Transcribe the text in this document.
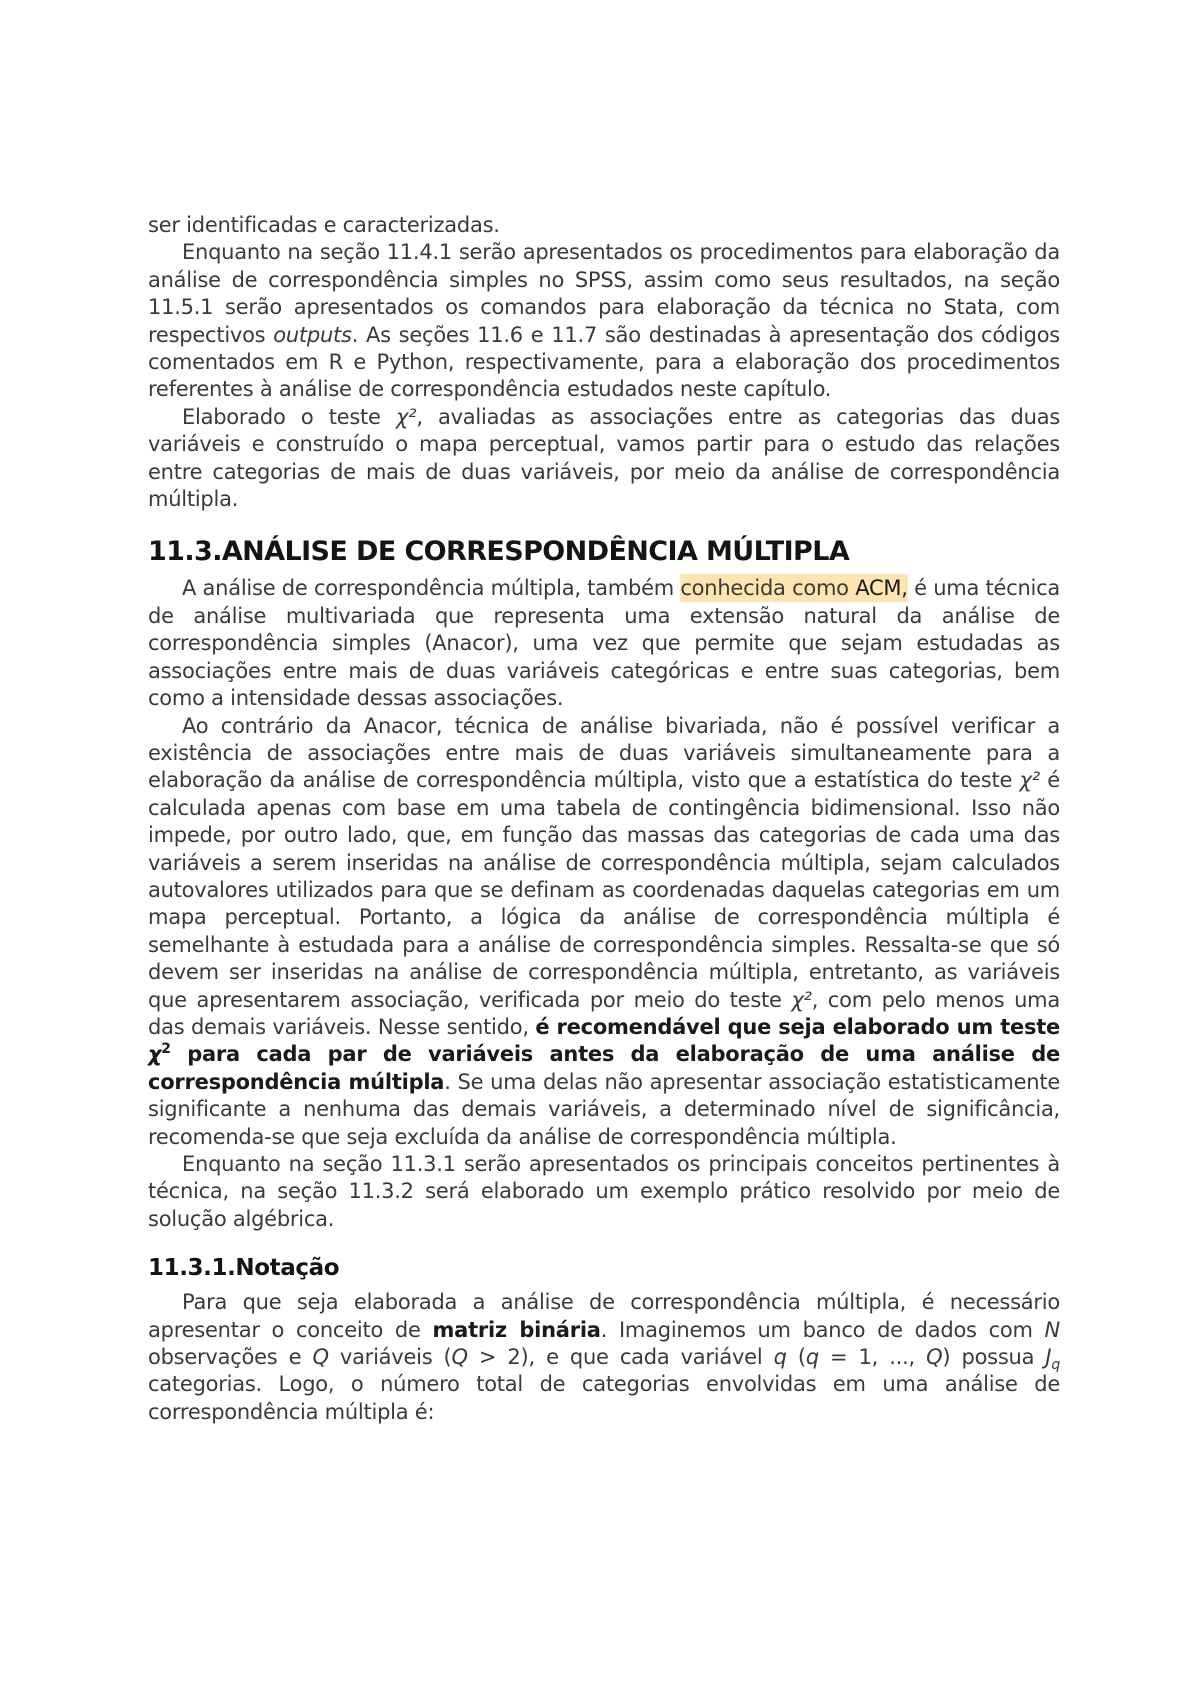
ser identificadas e caracterizadas.

Enquanto na seção 11.4.1 serão apresentados os procedimentos para elaboração da análise de correspondência simples no SPSS, assim como seus resultados, na seção 11.5.1 serão apresentados os comandos para elaboração da técnica no Stata, com respectivos outputs. As seções 11.6 e 11.7 são destinadas à apresentação dos códigos comentados em R e Python, respectivamente, para a elaboração dos procedimentos referentes à análise de correspondência estudados neste capítulo.

Elaborado o teste χ², avaliadas as associações entre as categorias das duas variáveis e construído o mapa perceptual, vamos partir para o estudo das relações entre categorias de mais de duas variáveis, por meio da análise de correspondência múltipla.

11.3.ANÁLISE DE CORRESPONDÊNCIA MÚLTIPLA

A análise de correspondência múltipla, também conhecida como ACM, é uma técnica de análise multivariada que representa uma extensão natural da análise de correspondência simples (Anacor), uma vez que permite que sejam estudadas as associações entre mais de duas variáveis categóricas e entre suas categorias, bem como a intensidade dessas associações.

Ao contrário da Anacor, técnica de análise bivariada, não é possível verificar a existência de associações entre mais de duas variáveis simultaneamente para a elaboração da análise de correspondência múltipla, visto que a estatística do teste χ² é calculada apenas com base em uma tabela de contingência bidimensional. Isso não impede, por outro lado, que, em função das massas das categorias de cada uma das variáveis a serem inseridas na análise de correspondência múltipla, sejam calculados autovalores utilizados para que se definam as coordenadas daquelas categorias em um mapa perceptual. Portanto, a lógica da análise de correspondência múltipla é semelhante à estudada para a análise de correspondência simples. Ressalta-se que só devem ser inseridas na análise de correspondência múltipla, entretanto, as variáveis que apresentarem associação, verificada por meio do teste χ², com pelo menos uma das demais variáveis. Nesse sentido, é recomendável que seja elaborado um teste $\chi^2$ para cada par de variáveis antes da elaboração de uma análise de correspondência múltipla. Se uma delas não apresentar associação estatisticamente significante a nenhuma das demais variáveis, a determinado nível de significância, recomenda-se que seja excluída da análise de correspondência múltipla.

Enquanto na seção 11.3.1 serão apresentados os principais conceitos pertinentes à técnica, na seção 11.3.2 será elaborado um exemplo prático resolvido por meio de solução algébrica.

11.3.1.Notação

Para que seja elaborada a análise de correspondência múltipla, é necessário apresentar o conceito de matriz binária. Imaginemos um banco de dados com N observações e Q variáveis (Q > 2), e que cada variável q (q = 1, ..., Q) possua $J_q$ categorias. Logo, o número total de categorias envolvidas em uma análise de correspondência múltipla é:
